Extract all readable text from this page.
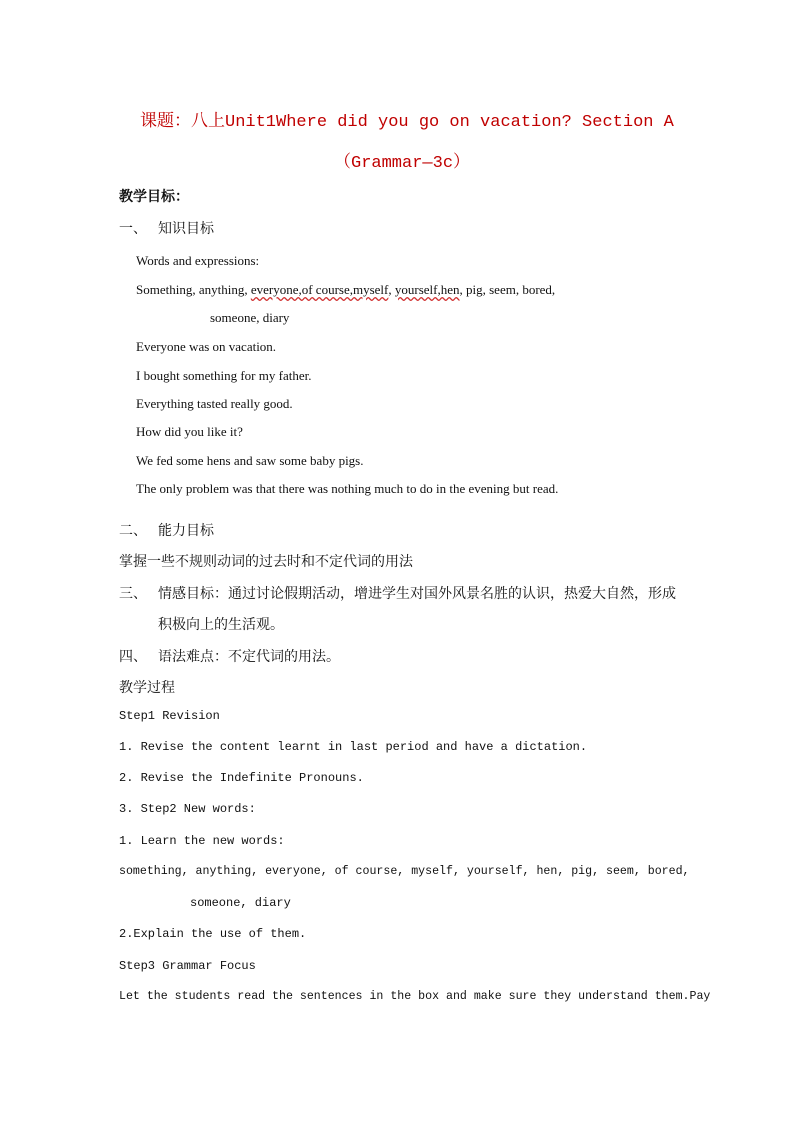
课题：八上Unit1Where did you go on vacation? Section A
（Grammar—3c）
教学目标：
一、 知识目标
Words and expressions:
Something, anything, everyone,of course,myself, yourself,hen, pig, seem, bored,
someone, diary
Everyone was on vacation.
I bought something for my father.
Everything tasted really good.
How did you like it?
We fed some hens and saw some baby pigs.
The only problem was that there was nothing much to do in the evening but read.
二、 能力目标
掌握一些不规则动词的过去时和不定代词的用法
三、 情感目标：通过讨论假期活动，增进学生对国外风景名胜的认识，热爱大自然，形成
积极向上的生活观。
四、 语法难点：不定代词的用法。
教学过程
Step1 Revision
1. Revise the content learnt in last period and have a dictation.
2. Revise the Indefinite Pronouns.
3. Step2 New words:
1. Learn the new words:
something, anything, everyone, of course, myself, yourself, hen, pig, seem, bored,
someone, diary
2.Explain the use of them.
Step3 Grammar Focus
Let the students read the sentences in the box and make sure they understand them.Pay
